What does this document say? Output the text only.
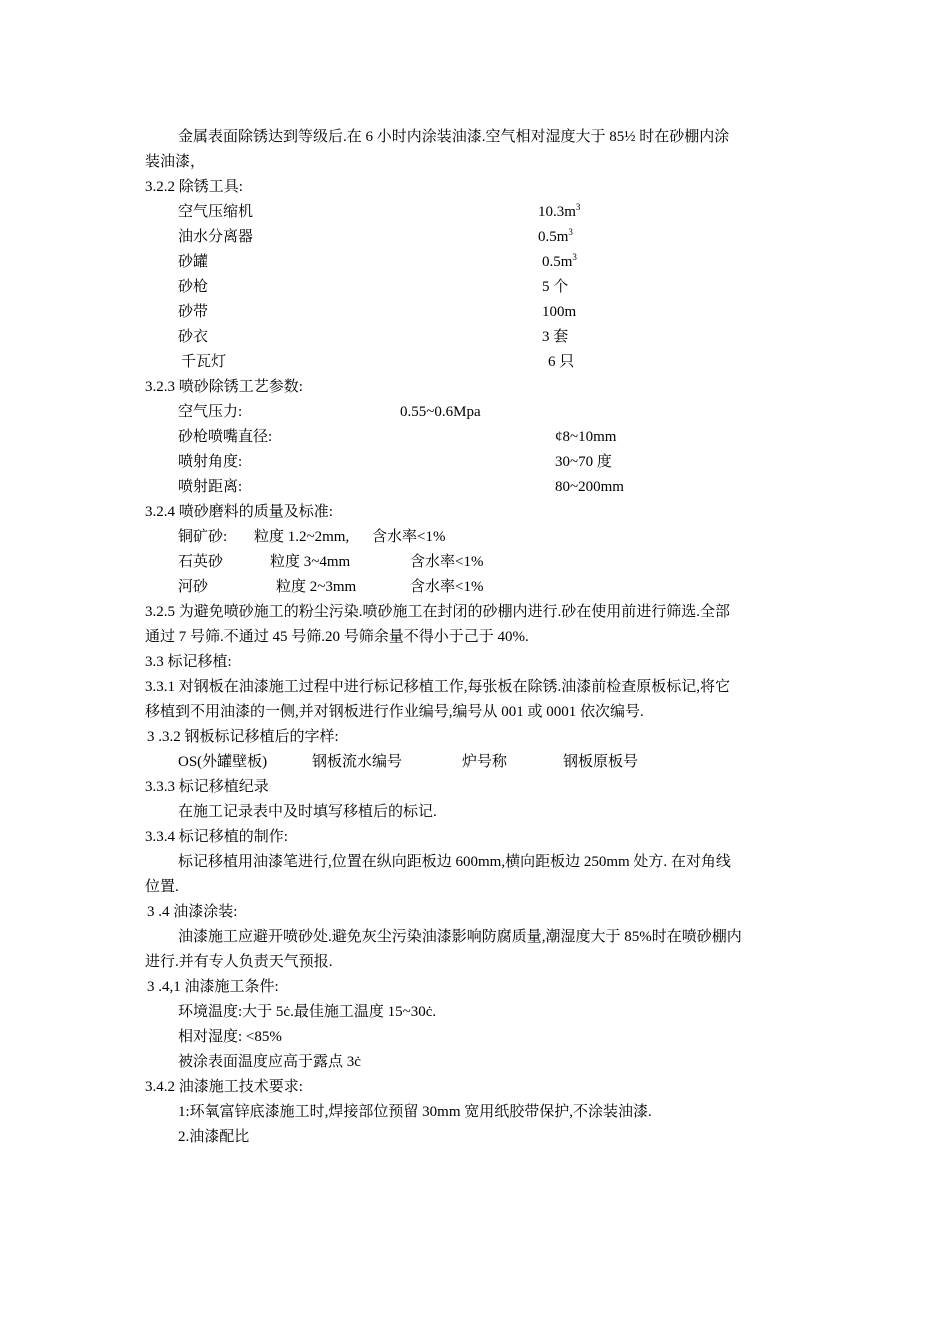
金属表面除锈达到等级后.在 6 小时内涂装油漆.空气相对湿度大于 85½ 时在砂棚内涂
装油漆，
3.2.2 除锈工具:
空气压缩机	$10.3m^3$
油水分离器	$0.5m^3$
砂罐	$0.5m^3$
砂枪	5 个
砂带	100m
砂衣	3 套
千瓦灯	6 只
3.2.3 喷砂除锈工艺参数:
空气压力:	0.55~0.6Mpa
砂枪喷嘴直径:	¢8~10mm
喷射角度:	30~70 度
喷射距离:	80~200mm
3.2.4 喷砂磨料的质量及标准:
铜矿砂: 粒度 1.2~2mm, 含水率<1%
石英砂	粒度 3~4mm	含水率<1%
河砂	粒度 2~3mm	含水率<1%
3.2.5 为避免喷砂施工的粉尘污染.喷砂施工在封闭的砂棚内进行.砂在使用前进行筛选.全部
通过 7 号筛.不通过 45 号筛.20 号筛余量不得小于己于 40%.
3.3 标记移植:
3.3.1 对钢板在油漆施工过程中进行标记移植工作,每张板在除锈.油漆前检查原板标记,将它
移植到不用油漆的一侧,并对钢板进行作业编号,编号从 001 或 0001 依次编号.
3 .3.2 钢板标记移植后的字样:
OS(外罐壁板)	钢板流水编号	炉号称	钢板原板号
3.3.3 标记移植纪录
在施工记录表中及时填写移植后的标记.
3.3.4 标记移植的制作:
标记移植用油漆笔进行,位置在纵向距板边 600mm,横向距板边 250mm 处方. 在对角线
位置.
3 .4 油漆涂装:
油漆施工应避开喷砂处.避免灰尘污染油漆影响防腐质量,潮湿度大于 85%时在喷砂棚内
进行.并有专人负责天气预报.
3 .4,1 油漆施工条件:
环境温度:大于 5ċ.最佳施工温度 15~30ċ.
相对湿度: <85%
被涂表面温度应高于露点 3ċ
3.4.2 油漆施工技术要求:
1:环氧富锌底漆施工时,焊接部位预留 30mm 宽用纸胶带保护,不涂装油漆.
2.油漆配比
